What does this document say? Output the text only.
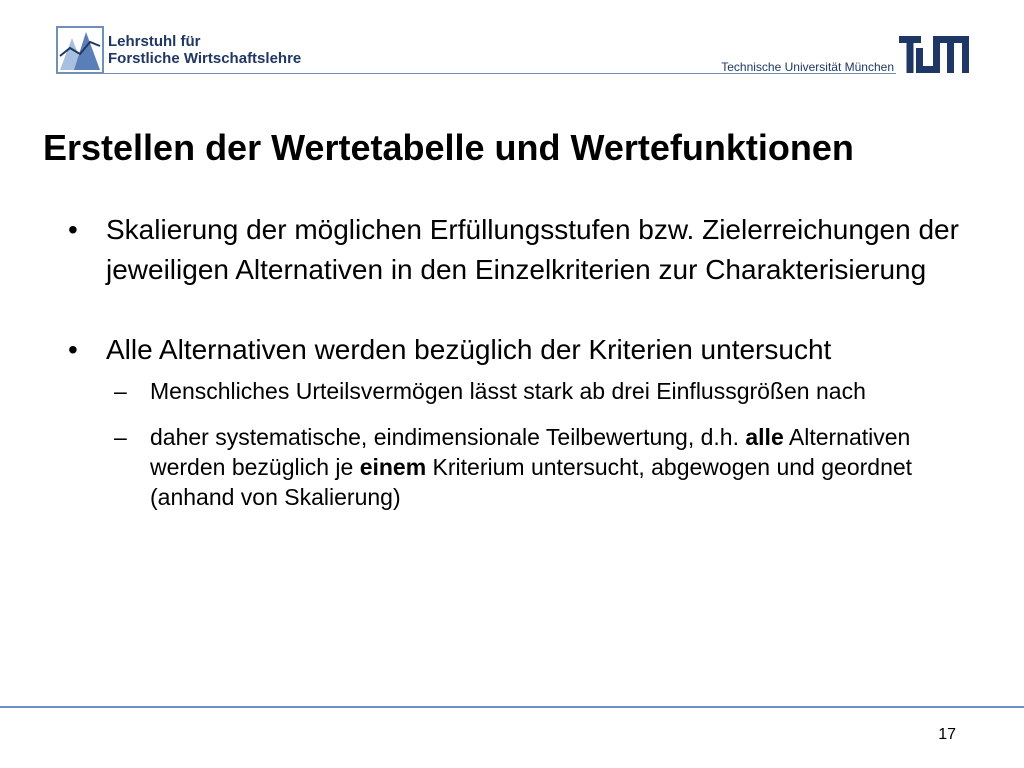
Lehrstuhl für
Forstliche Wirtschaftslehre	Technische Universität München
Erstellen der Wertetabelle und Wertefunktionen
• Skalierung der möglichen Erfüllungsstufen bzw. Zielerreichungen der jeweiligen Alternativen in den Einzelkriterien zur Charakterisierung
• Alle Alternativen werden bezüglich der Kriterien untersucht
– Menschliches Urteilsvermögen lässt stark ab drei Einflussgrößen nach
– daher systematische, eindimensionale Teilbewertung, d.h. alle Alternativen werden bezüglich je einem Kriterium untersucht, abgewogen und geordnet (anhand von Skalierung)
17
